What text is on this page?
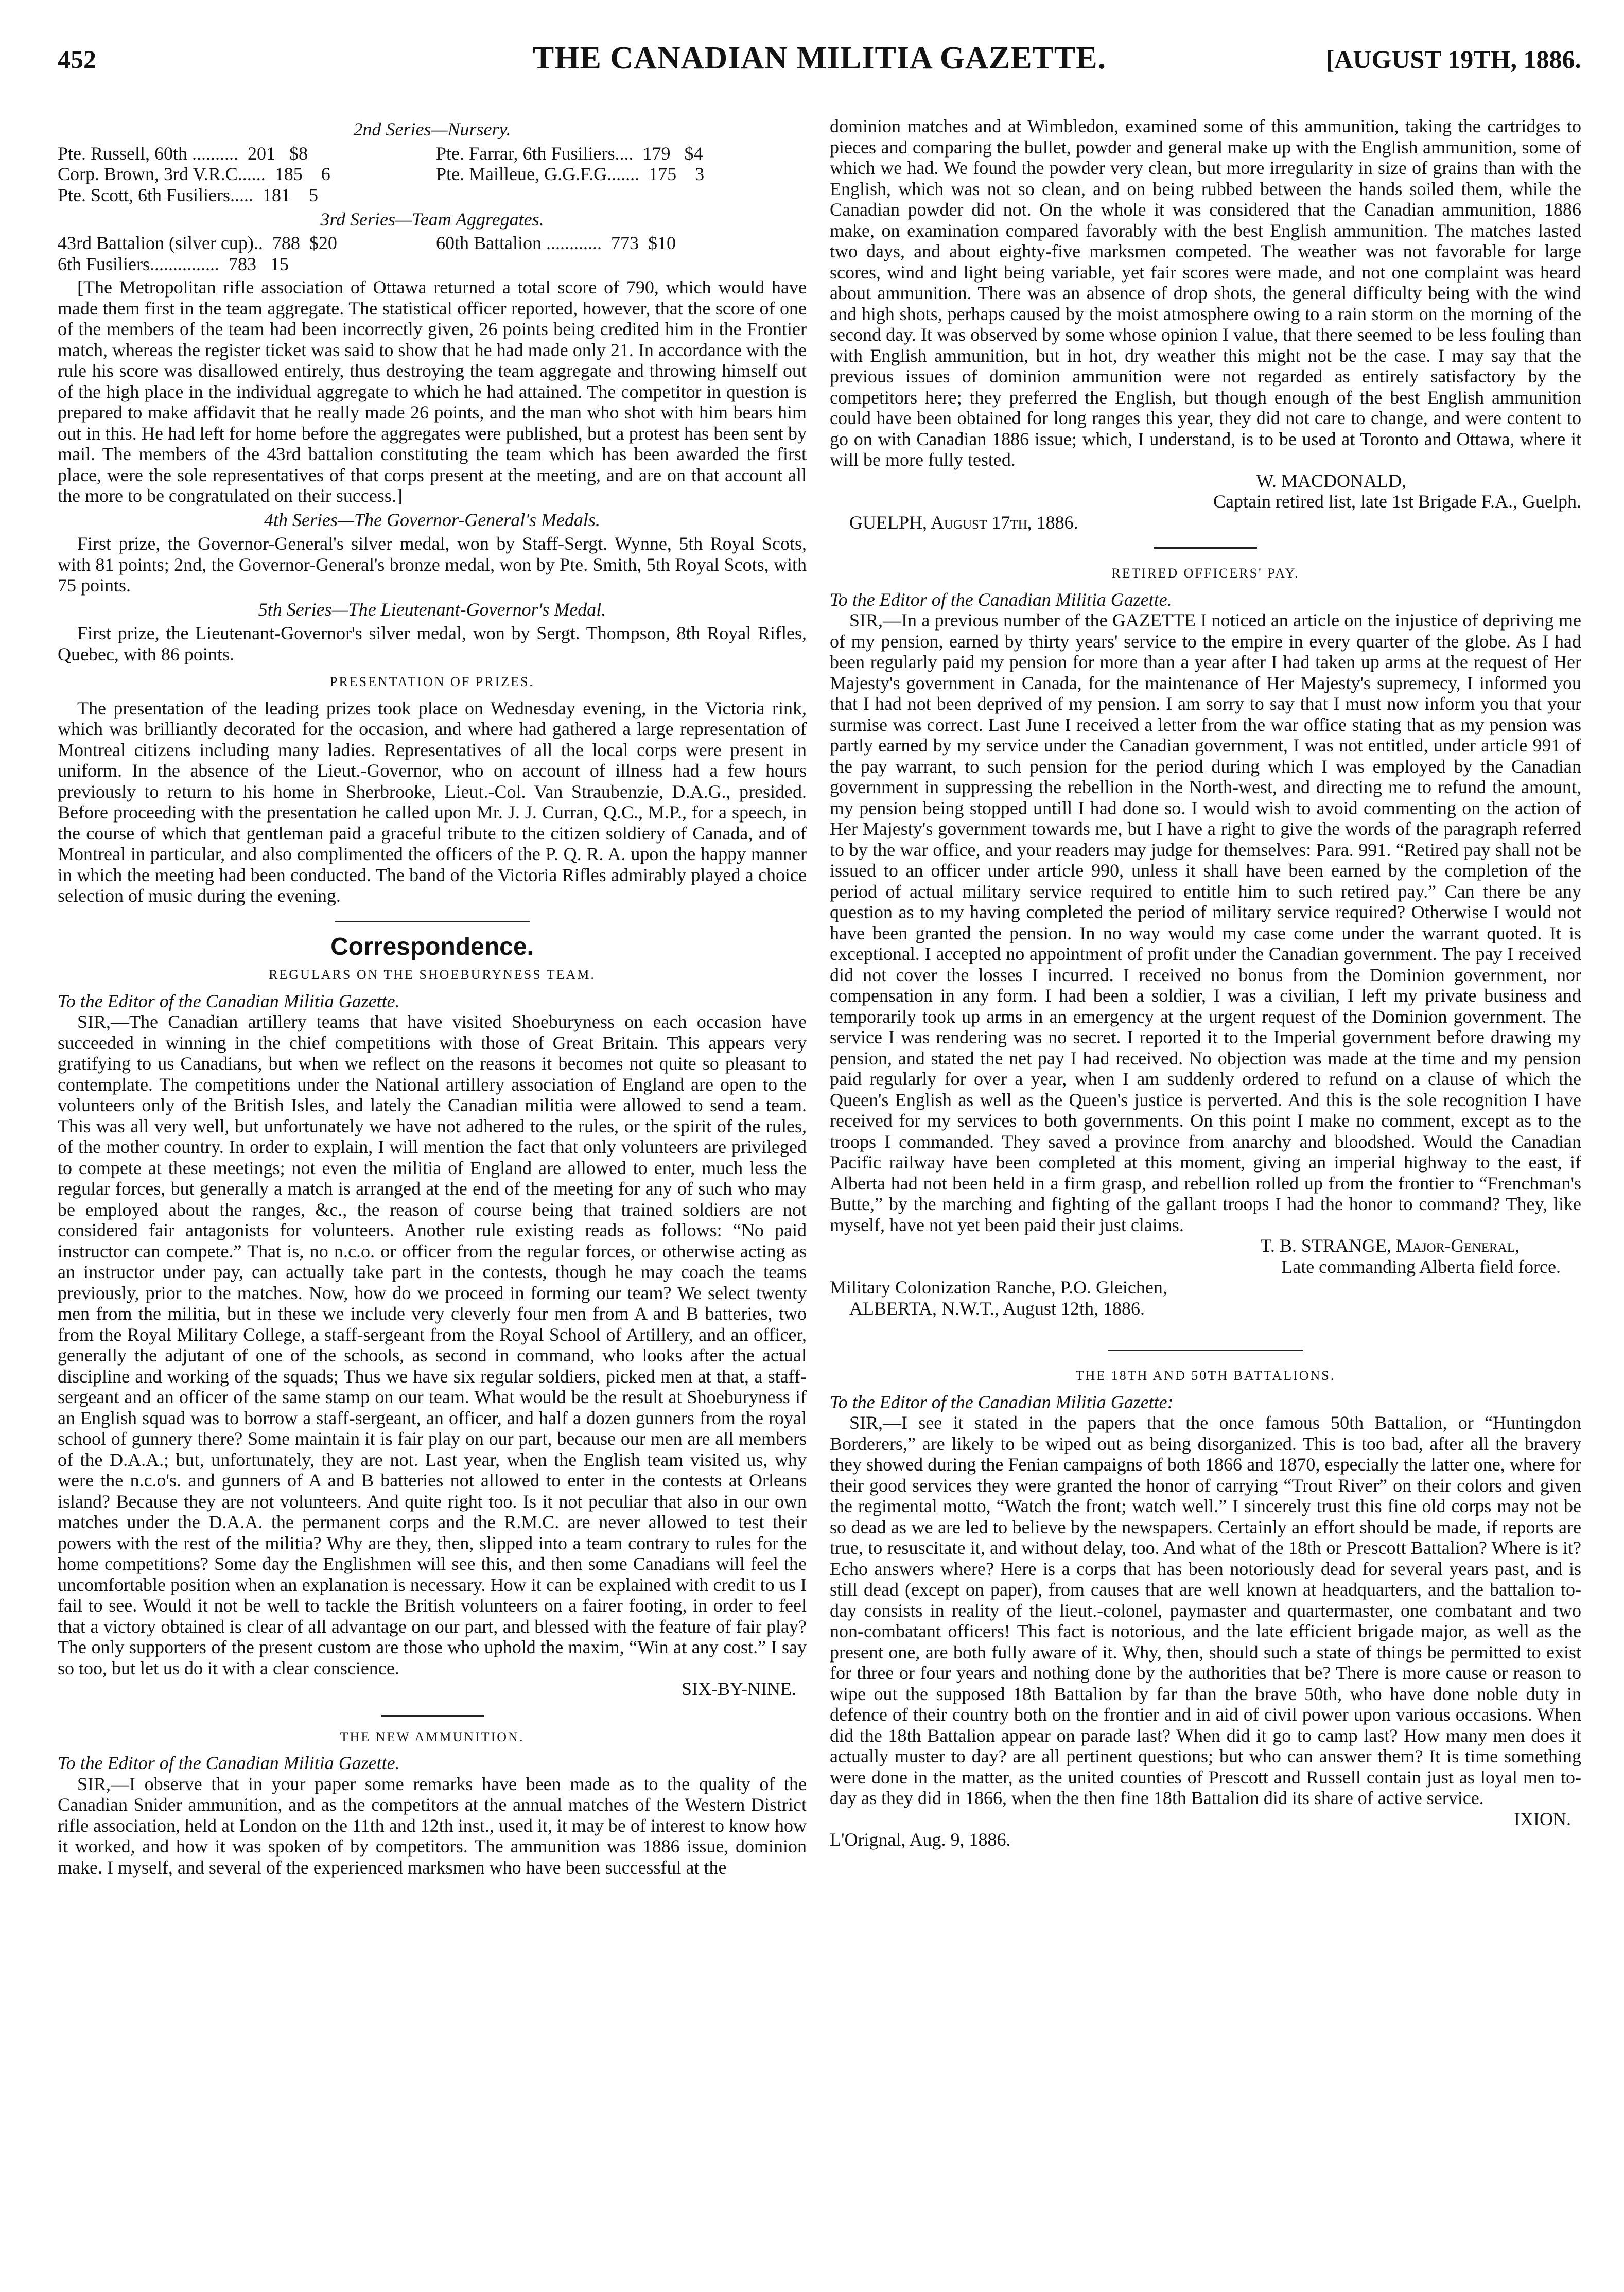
452	THE CANADIAN MILITIA GAZETTE.	[AUGUST 19TH, 1886.
2nd Series—Nursery.
Pte. Russell, 60th ..........  201   $8
Corp. Brown, 3rd V.R.C......  185    6
Pte. Scott, 6th Fusiliers.....  181    5
Pte. Farrar, 6th Fusiliers....  179   $4
Pte. Mailleue, G.G.F.G.......  175    3
3rd Series—Team Aggregates.
43rd Battalion (silver cup)..  788  $20
6th Fusiliers...............  783   15
60th Battalion ............  773  $10

[The Metropolitan rifle association of Ottawa returned a total score of 790, which would have made them first in the team aggregate. The statistical officer reported, however, that the score of one of the members of the team had been incorrectly given, 26 points being credited him in the Frontier match, whereas the register ticket was said to show that he had made only 21. In accordance with the rule his score was disallowed entirely, thus destroying the team aggregate and throwing himself out of the high place in the individual aggregate to which he had attained. The competitor in question is prepared to make affidavit that he really made 26 points, and the man who shot with him bears him out in this. He had left for home before the aggregates were published, but a protest has been sent by mail. The members of the 43rd battalion constituting the team which has been awarded the first place, were the sole representatives of that corps present at the meeting, and are on that account all the more to be congratulated on their success.]

4th Series—The Governor-General's Medals.

First prize, the Governor-General's silver medal, won by Staff-Sergt. Wynne, 5th Royal Scots, with 81 points; 2nd, the Governor-General's bronze medal, won by Pte. Smith, 5th Royal Scots, with 75 points.

5th Series—The Lieutenant-Governor's Medal.

First prize, the Lieutenant-Governor's silver medal, won by Sergt. Thompson, 8th Royal Rifles, Quebec, with 86 points.

PRESENTATION OF PRIZES.

The presentation of the leading prizes took place on Wednesday evening, in the Victoria rink, which was brilliantly decorated for the occasion, and where had gathered a large representation of Montreal citizens including many ladies. Representatives of all the local corps were present in uniform. In the absence of the Lieut.-Governor, who on account of illness had a few hours previously to return to his home in Sherbrooke, Lieut.-Col. Van Straubenzie, D.A.G., presided. Before proceeding with the presentation he called upon Mr. J. J. Curran, Q.C., M.P., for a speech, in the course of which that gentleman paid a graceful tribute to the citizen soldiery of Canada, and of Montreal in particular, and also complimented the officers of the P. Q. R. A. upon the happy manner in which the meeting had been conducted. The band of the Victoria Rifles admirably played a choice selection of music during the evening.

Correspondence.
REGULARS ON THE SHOEBURYNESS TEAM.
To the Editor of the Canadian Militia Gazette.

SIR,—The Canadian artillery teams that have visited Shoeburyness on each occasion have succeeded in winning in the chief competitions with those of Great Britain. This appears very gratifying to us Canadians, but when we reflect on the reasons it becomes not quite so pleasant to contemplate. The competitions under the National artillery association of England are open to the volunteers only of the British Isles, and lately the Canadian militia were allowed to send a team. This was all very well, but unfortunately we have not adhered to the rules, or the spirit of the rules, of the mother country. In order to explain, I will mention the fact that only volunteers are privileged to compete at these meetings; not even the militia of England are allowed to enter, much less the regular forces, but generally a match is arranged at the end of the meeting for any of such who may be employed about the ranges, &c., the reason of course being that trained soldiers are not considered fair antagonists for volunteers. Another rule existing reads as follows: “No paid instructor can compete.” That is, no n.c.o. or officer from the regular forces, or otherwise acting as an instructor under pay, can actually take part in the contests, though he may coach the teams previously, prior to the matches. Now, how do we proceed in forming our team? We select twenty men from the militia, but in these we include very cleverly four men from A and B batteries, two from the Royal Military College, a staff-sergeant from the Royal School of Artillery, and an officer, generally the adjutant of one of the schools, as second in command, who looks after the actual discipline and working of the squads; Thus we have six regular soldiers, picked men at that, a staff-sergeant and an officer of the same stamp on our team. What would be the result at Shoeburyness if an English squad was to borrow a staff-sergeant, an officer, and half a dozen gunners from the royal school of gunnery there? Some maintain it is fair play on our part, because our men are all members of the D.A.A.; but, unfortunately, they are not. Last year, when the English team visited us, why were the n.c.o's. and gunners of A and B batteries not allowed to enter in the contests at Orleans island? Because they are not volunteers. And quite right too. Is it not peculiar that also in our own matches under the D.A.A. the permanent corps and the R.M.C. are never allowed to test their powers with the rest of the militia? Why are they, then, slipped into a team contrary to rules for the home competitions? Some day the Englishmen will see this, and then some Canadians will feel the uncomfortable position when an explanation is necessary. How it can be explained with credit to us I fail to see. Would it not be well to tackle the British volunteers on a fairer footing, in order to feel that a victory obtained is clear of all advantage on our part, and blessed with the feature of fair play? The only supporters of the present custom are those who uphold the maxim, “Win at any cost.” I say so too, but let us do it with a clear conscience.

SIX-BY-NINE.
THE NEW AMMUNITION.
To the Editor of the Canadian Militia Gazette.

SIR,—I observe that in your paper some remarks have been made as to the quality of the Canadian Snider ammunition, and as the competitors at the annual matches of the Western District rifle association, held at London on the 11th and 12th inst., used it, it may be of interest to know how it worked, and how it was spoken of by competitors. The ammunition was 1886 issue, dominion make. I myself, and several of the experienced marksmen who have been successful at the

dominion matches and at Wimbledon, examined some of this ammunition, taking the cartridges to pieces and comparing the bullet, powder and general make up with the English ammunition, some of which we had. We found the powder very clean, but more irregularity in size of grains than with the English, which was not so clean, and on being rubbed between the hands soiled them, while the Canadian powder did not. On the whole it was considered that the Canadian ammunition, 1886 make, on examination compared favorably with the best English ammunition. The matches lasted two days, and about eighty-five marksmen competed. The weather was not favorable for large scores, wind and light being variable, yet fair scores were made, and not one complaint was heard about ammunition. There was an absence of drop shots, the general difficulty being with the wind and high shots, perhaps caused by the moist atmosphere owing to a rain storm on the morning of the second day. It was observed by some whose opinion I value, that there seemed to be less fouling than with English ammunition, but in hot, dry weather this might not be the case. I may say that the previous issues of dominion ammunition were not regarded as entirely satisfactory by the competitors here; they preferred the English, but though enough of the best English ammunition could have been obtained for long ranges this year, they did not care to change, and were content to go on with Canadian 1886 issue; which, I understand, is to be used at Toronto and Ottawa, where it will be more fully tested.

W. MACDONALD,
Captain retired list, late 1st Brigade F.A., Guelph.
GUELPH, August 17th, 1886.
RETIRED OFFICERS' PAY.
To the Editor of the Canadian Militia Gazette.

SIR,—In a previous number of the GAZETTE I noticed an article on the injustice of depriving me of my pension, earned by thirty years' service to the empire in every quarter of the globe. As I had been regularly paid my pension for more than a year after I had taken up arms at the request of Her Majesty's government in Canada, for the maintenance of Her Majesty's supremecy, I informed you that I had not been deprived of my pension. I am sorry to say that I must now inform you that your surmise was correct. Last June I received a letter from the war office stating that as my pension was partly earned by my service under the Canadian government, I was not entitled, under article 991 of the pay warrant, to such pension for the period during which I was employed by the Canadian government in suppressing the rebellion in the North-west, and directing me to refund the amount, my pension being stopped untill I had done so. I would wish to avoid commenting on the action of Her Majesty's government towards me, but I have a right to give the words of the paragraph referred to by the war office, and your readers may judge for themselves: Para. 991. “Retired pay shall not be issued to an officer under article 990, unless it shall have been earned by the completion of the period of actual military service required to entitle him to such retired pay.” Can there be any question as to my having completed the period of military service required? Otherwise I would not have been granted the pension. In no way would my case come under the warrant quoted. It is exceptional. I accepted no appointment of profit under the Canadian government. The pay I received did not cover the losses I incurred. I received no bonus from the Dominion government, nor compensation in any form. I had been a soldier, I was a civilian, I left my private business and temporarily took up arms in an emergency at the urgent request of the Dominion government. The service I was rendering was no secret. I reported it to the Imperial government before drawing my pension, and stated the net pay I had received. No objection was made at the time and my pension paid regularly for over a year, when I am suddenly ordered to refund on a clause of which the Queen's English as well as the Queen's justice is perverted. And this is the sole recognition I have received for my services to both governments. On this point I make no comment, except as to the troops I commanded. They saved a province from anarchy and bloodshed. Would the Canadian Pacific railway have been completed at this moment, giving an imperial highway to the east, if Alberta had not been held in a firm grasp, and rebellion rolled up from the frontier to “Frenchman's Butte,” by the marching and fighting of the gallant troops I had the honor to command? They, like myself, have not yet been paid their just claims.

T. B. STRANGE, Major-General,
Late commanding Alberta field force.
Military Colonization Ranche, P.O. Gleichen,
ALBERTA, N.W.T., August 12th, 1886.
THE 18TH AND 50TH BATTALIONS.
To the Editor of the Canadian Militia Gazette:

SIR,—I see it stated in the papers that the once famous 50th Battalion, or “Huntingdon Borderers,” are likely to be wiped out as being disorganized. This is too bad, after all the bravery they showed during the Fenian campaigns of both 1866 and 1870, especially the latter one, where for their good services they were granted the honor of carrying “Trout River” on their colors and given the regimental motto, “Watch the front; watch well.” I sincerely trust this fine old corps may not be so dead as we are led to believe by the newspapers. Certainly an effort should be made, if reports are true, to resuscitate it, and without delay, too. And what of the 18th or Prescott Battalion? Where is it? Echo answers where? Here is a corps that has been notoriously dead for several years past, and is still dead (except on paper), from causes that are well known at headquarters, and the battalion to-day consists in reality of the lieut.-colonel, paymaster and quartermaster, one combatant and two non-combatant officers! This fact is notorious, and the late efficient brigade major, as well as the present one, are both fully aware of it. Why, then, should such a state of things be permitted to exist for three or four years and nothing done by the authorities that be? There is more cause or reason to wipe out the supposed 18th Battalion by far than the brave 50th, who have done noble duty in defence of their country both on the frontier and in aid of civil power upon various occasions. When did the 18th Battalion appear on parade last? When did it go to camp last? How many men does it actually muster to day? are all pertinent questions; but who can answer them? It is time something were done in the matter, as the united counties of Prescott and Russell contain just as loyal men to-day as they did in 1866, when the then fine 18th Battalion did its share of active service.

IXION.
L'Orignal, Aug. 9, 1886.
